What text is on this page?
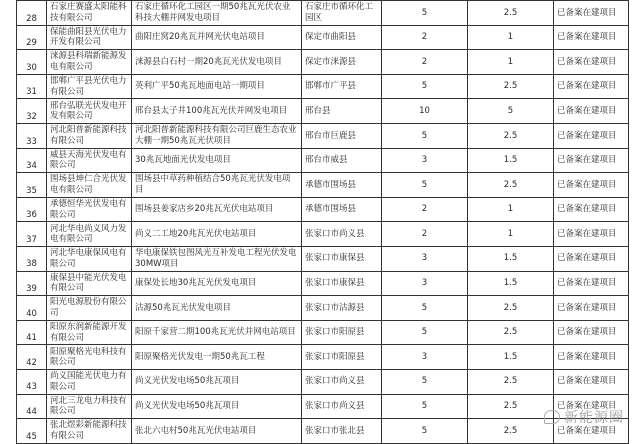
28	石家庄赛盛太阳能科技有限公司	石家庄循环化工园区一期50兆瓦光伏农业科技大棚并网发电项目	石家庄市循环化工园区	5	2.5	已备案在建项目
29	保能曲阳县光伏电力开发有限公司	曲阳庄窝20兆瓦并网光伏电站项目	保定市曲阳县	2	1	已备案在建项目
30	涞源县科瑞新能源发电有限公司	涞源县白石村一期20兆瓦光伏发电项目	保定市涞源县	2	1	已备案在建项目
31	邯郸广平县光伏电力有限公司	英利广平50兆瓦地面电站一期项目	邯郸市广平县	5	2.5	已备案在建项目
32	邢台弘联光伏发电开发有限公司	邢台县太子井100兆瓦光伏并网发电项目	邢台县	10	5	已备案在建项目
33	河北阳普新能源科技有限公司	河北阳普新能源科技有限公司巨鹿生态农业大棚一期50兆瓦光伏项目	邢台市巨鹿县	5	2.5	已备案在建项目
34	威县天海光伏发电有限公司	30兆瓦地面光伏发电项目	邢台市威县	3	1.5	已备案在建项目
35	围场县坤仁合光伏发电有限公司	围场县中草药种植结合50兆瓦光伏发电项目	承德市围场县	5	2.5	已备案在建项目
36	承德恒华光伏发电有限公司	围场县姜家店乡20兆瓦光伏电站项目	承德市围场县	2	1	已备案在建项目
37	河北华电尚义风力发电有限公司	尚义二工地20兆瓦光伏电站项目	张家口市尚义县	2	1	已备案在建项目
38	河北华电康保风电有限公司	华电康保铁包图风光互补发电工程光伏发电30MW项目	张家口市康保县	3	1.5	已备案在建项目
39	康保县中能光伏发电有限公司	康保处长地30兆瓦光伏发电项目	张家口市康保县	3	1.5	已备案在建项目
40	阳光电源股份有限公司	沽源50兆瓦光伏发电项目	张家口市沽源县	5	2.5	已备案在建项目
41	阳原东润新能源开发有限公司	阳原千家营二期100兆瓦光伏并网电站项目	张家口市阳原县	5	2.5	已备案在建项目
42	阳原聚格光电科技有限公司	阳原聚格光伏发电一期50兆瓦工程	张家口市阳原县	3	1.5	已备案在建项目
43	尚义国能光伏电力有限公司	尚义光伏发电场50兆瓦项目	张家口市尚义县	5	2.5	已备案在建项目
44	河北三龙电力科技有限公司	尚义光伏发电场50兆瓦项目	张家口市尚义县	5	2.5	已备案在建项目
45	张北煜彩新能源科技有限公司	张北六屯村50兆瓦光伏电站项目	张家口市张北县	5	2.5	已备案在建项目
新能源圈
